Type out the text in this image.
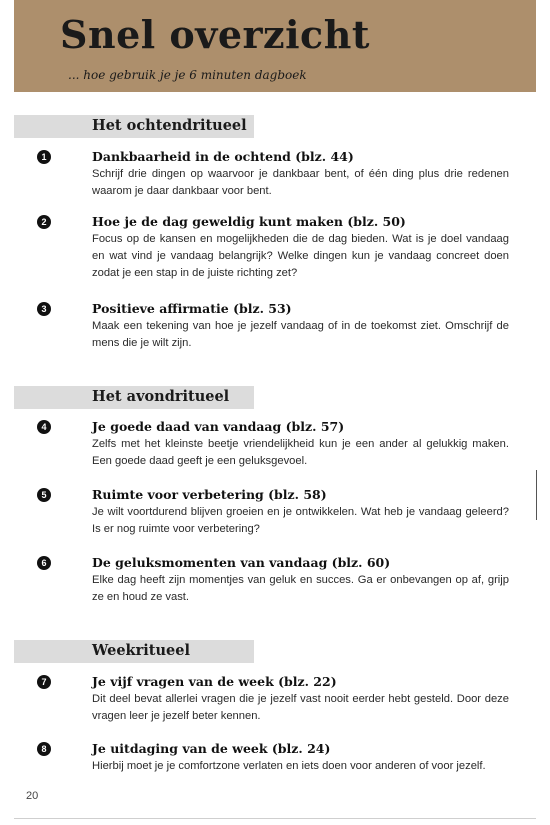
Snel overzicht
... hoe gebruik je je 6 minuten dagboek
Het ochtendritueel
1	Dankbaarheid in de ochtend (blz. 44)
Schrijf drie dingen op waarvoor je dankbaar bent, of één ding plus drie redenen waarom je daar dankbaar voor bent.
2	Hoe je de dag geweldig kunt maken (blz. 50)
Focus op de kansen en mogelijkheden die de dag bieden. Wat is je doel vandaag en wat vind je vandaag belangrijk? Welke dingen kun je vandaag concreet doen zodat je een stap in de juiste richting zet?
3	Positieve affirmatie (blz. 53)
Maak een tekening van hoe je jezelf vandaag of in de toekomst ziet. Omschrijf de mens die je wilt zijn.
Het avondritueel
4	Je goede daad van vandaag (blz. 57)
Zelfs met het kleinste beetje vriendelijkheid kun je een ander al gelukkig maken. Een goede daad geeft je een geluksgevoel.
5	Ruimte voor verbetering (blz. 58)
Je wilt voortdurend blijven groeien en je ontwikkelen. Wat heb je vandaag geleerd? Is er nog ruimte voor verbetering?
6	De geluksmomenten van vandaag (blz. 60)
Elke dag heeft zijn momentjes van geluk en succes. Ga er onbevangen op af, grijp ze en houd ze vast.
Weekritueel
7	Je vijf vragen van de week (blz. 22)
Dit deel bevat allerlei vragen die je jezelf vast nooit eerder hebt gesteld. Door deze vragen leer je jezelf beter kennen.
8	Je uitdaging van de week (blz. 24)
Hierbij moet je je comfortzone verlaten en iets doen voor anderen of voor jezelf.
20
